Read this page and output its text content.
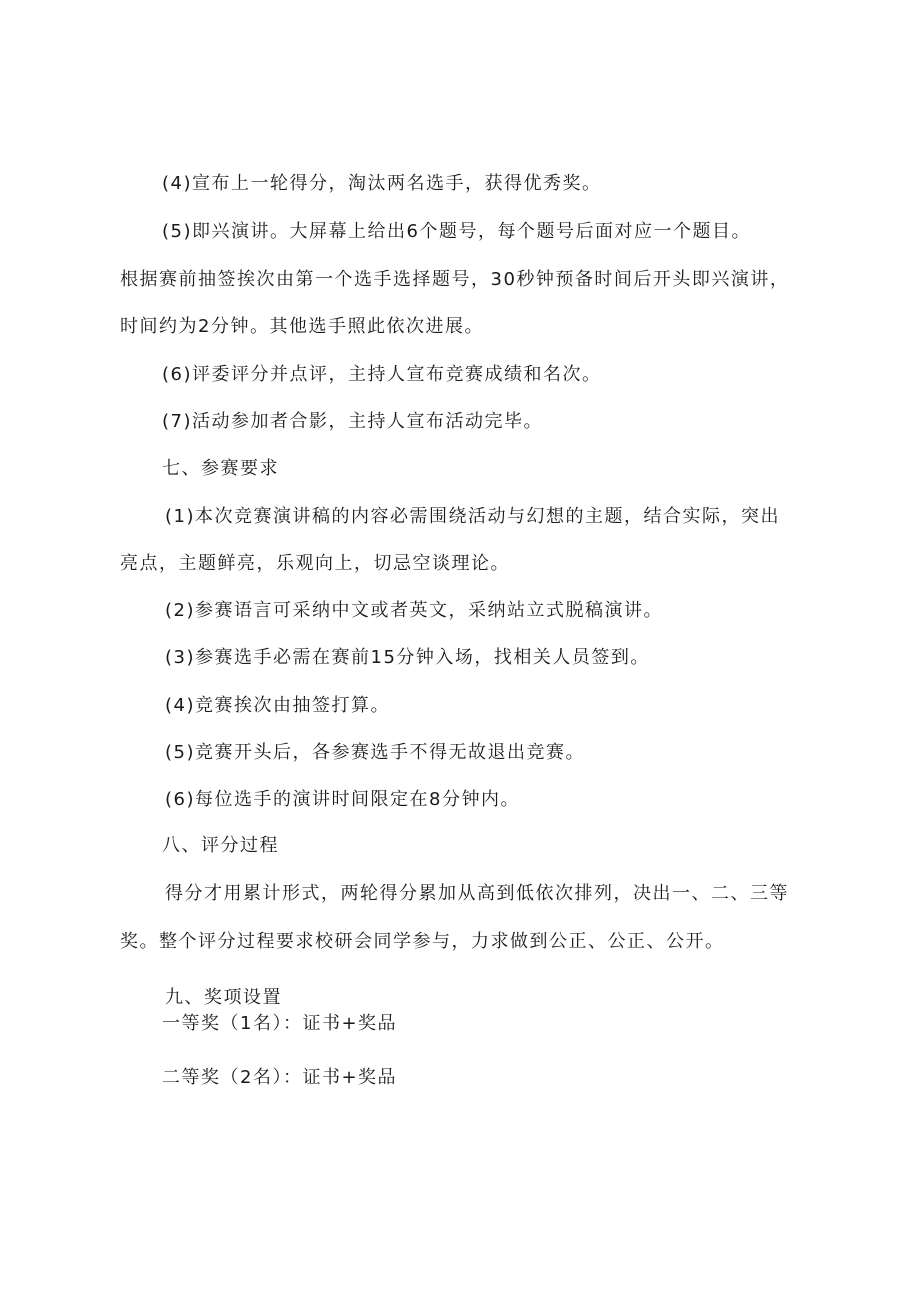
(4)宣布上一轮得分，淘汰两名选手，获得优秀奖。
(5)即兴演讲。大屏幕上给出6个题号，每个题号后面对应一个题目。
根据赛前抽签挨次由第一个选手选择题号，30秒钟预备时间后开头即兴演讲，
时间约为2分钟。其他选手照此依次进展。
(6)评委评分并点评，主持人宣布竞赛成绩和名次。
(7)活动参加者合影，主持人宣布活动完毕。
七、参赛要求
(1)本次竞赛演讲稿的内容必需围绕活动与幻想的主题，结合实际，突出
亮点，主题鲜亮，乐观向上，切忌空谈理论。
(2)参赛语言可采纳中文或者英文，采纳站立式脱稿演讲。
(3)参赛选手必需在赛前15分钟入场，找相关人员签到。
(4)竞赛挨次由抽签打算。
(5)竞赛开头后，各参赛选手不得无故退出竞赛。
(6)每位选手的演讲时间限定在8分钟内。
八、评分过程
得分才用累计形式，两轮得分累加从高到低依次排列，决出一、二、三等
奖。整个评分过程要求校研会同学参与，力求做到公正、公正、公开。
九、奖项设置
一等奖（1名）：证书+奖品
二等奖（2名）：证书+奖品
